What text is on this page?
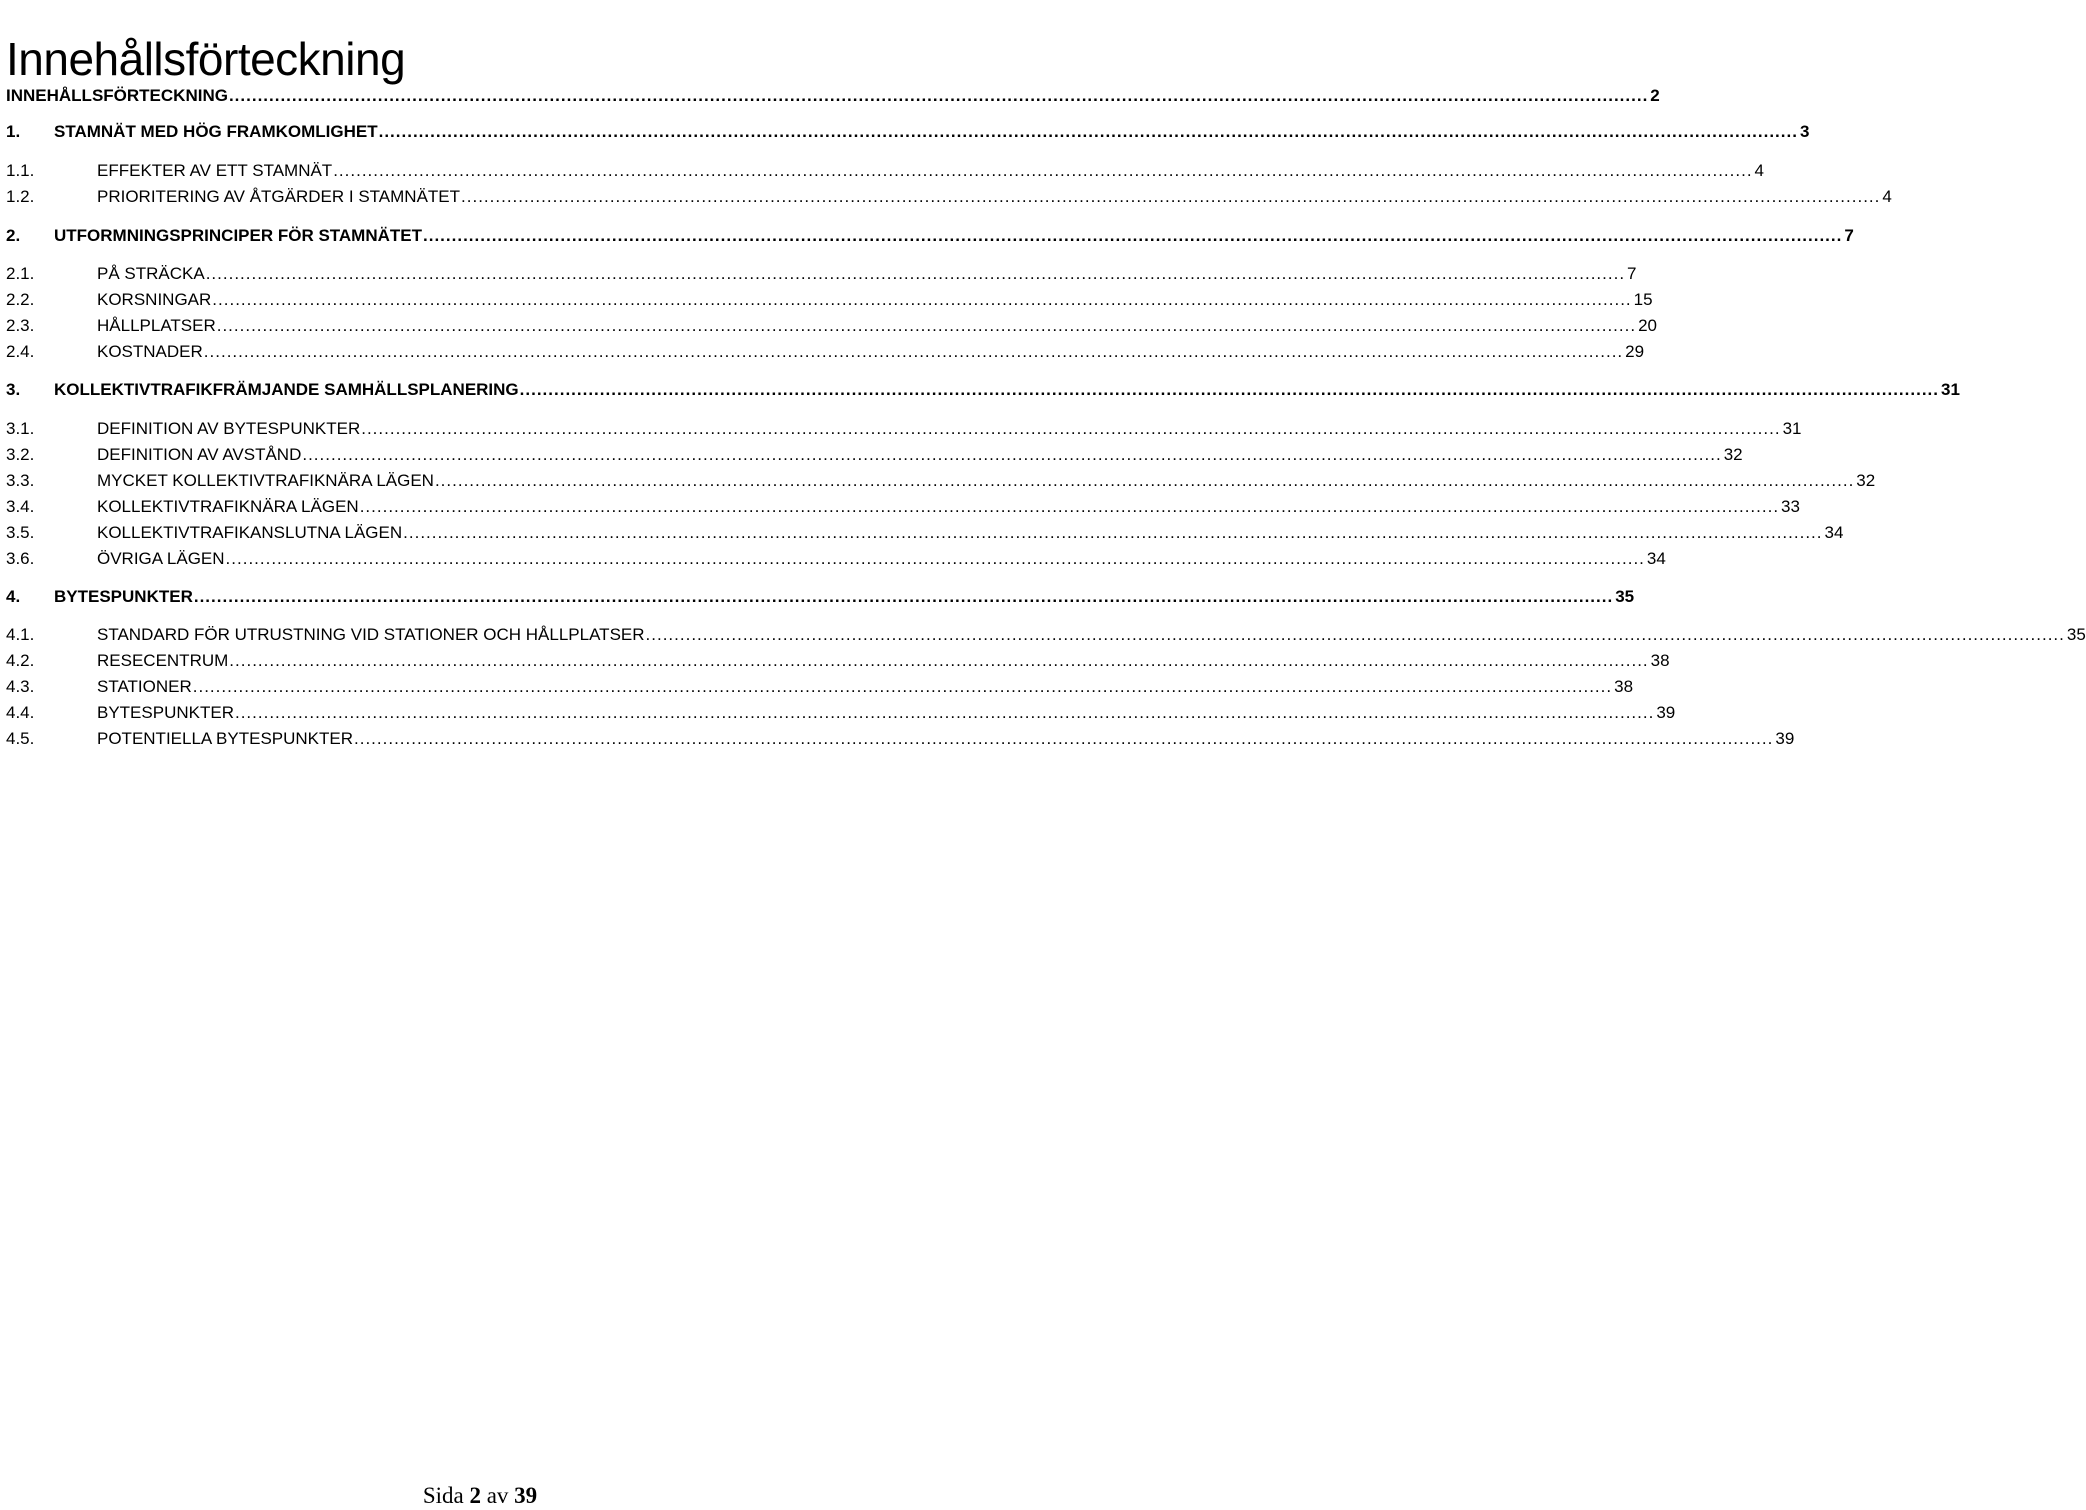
Innehållsförteckning
INNEHÅLLSFÖRTECKNING .....	2
1.	STAMNÄT MED HÖG FRAMKOMLIGHET .....	3
1.1.	EFFEKTER AV ETT STAMNÄT .....	4
1.2.	PRIORITERING AV ÅTGÄRDER I STAMNÄTET .....	4
2.	UTFORMNINGSPRINCIPER FÖR STAMNÄTET .....	7
2.1.	PÅ STRÄCKA .....	7
2.2.	KORSNINGAR .....	15
2.3.	HÅLLPLATSER .....	20
2.4.	KOSTNADER .....	29
3.	KOLLEKTIVTRAFIKFRÄMJANDE SAMHÄLLSPLANERING .....	31
3.1.	DEFINITION AV BYTESPUNKTER .....	31
3.2.	DEFINITION AV AVSTÅND .....	32
3.3.	MYCKET KOLLEKTIVTRAFIKNÄRA LÄGEN .....	32
3.4.	KOLLEKTIVTRAFIKNÄRA LÄGEN .....	33
3.5.	KOLLEKTIVTRAFIKANSLUTNA LÄGEN .....	34
3.6.	ÖVRIGA LÄGEN .....	34
4.	BYTESPUNKTER .....	35
4.1.	STANDARD FÖR UTRUSTNING VID STATIONER OCH HÅLLPLATSER .....	35
4.2.	RESECENTRUM .....	38
4.3.	STATIONER .....	38
4.4.	BYTESPUNKTER .....	39
4.5.	POTENTIELLA BYTESPUNKTER .....	39
Sida 2 av 39
